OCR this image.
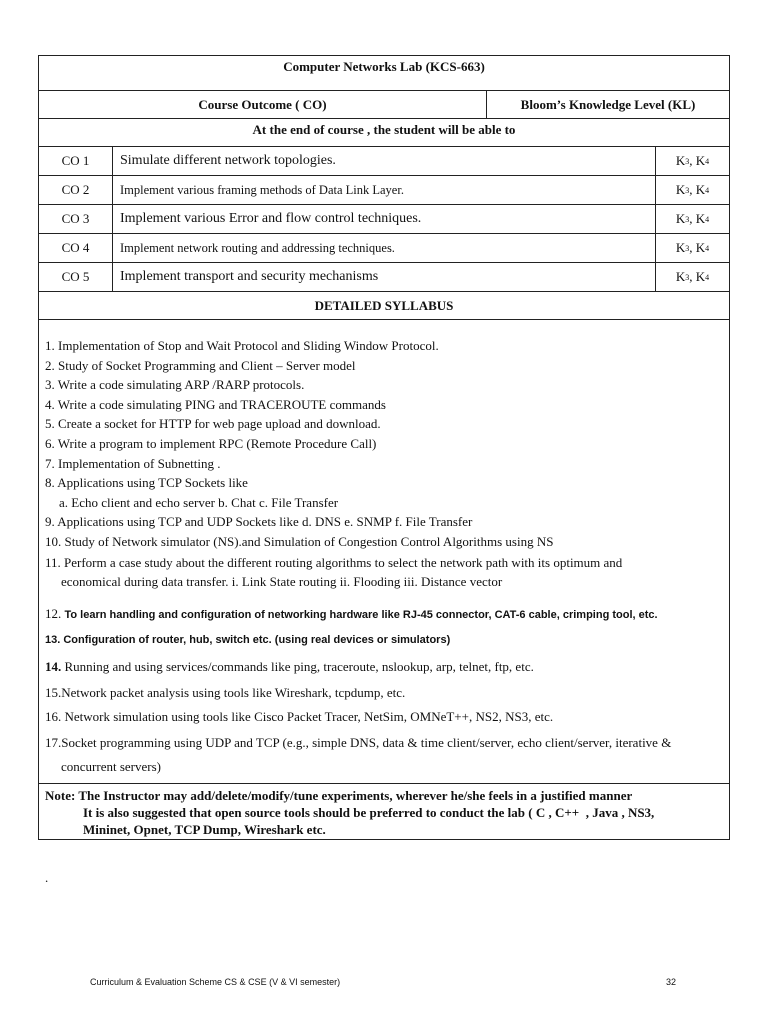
Computer Networks Lab (KCS-663)
Course Outcome ( CO)	Bloom’s Knowledge Level (KL)
At the end of course , the student will be able to
CO 1	Simulate different network topologies.	K 3 , K 4
CO 2	Implement various framing methods of Data Link Layer.	K 3 , K 4
CO 3	Implement various Error and flow control techniques.	K 3 , K 4
CO 4	Implement network routing and addressing techniques.	K 3 , K 4
CO 5	Implement transport and security mechanisms	K 3 , K 4
DETAILED SYLLABUS
1. Implementation of Stop and Wait Protocol and Sliding Window Protocol.
2. Study of Socket Programming and Client – Server model
3. Write a code simulating ARP /RARP protocols.
4. Write a code simulating PING and TRACEROUTE commands
5. Create a socket for HTTP for web page upload and download.
6. Write a program to implement RPC (Remote Procedure Call)
7. Implementation of Subnetting .
8. Applications using TCP Sockets like
a. Echo client and echo server b. Chat c. File Transfer
9. Applications using TCP and UDP Sockets like d. DNS e. SNMP f. File Transfer
10. Study of Network simulator (NS).and Simulation of Congestion Control Algorithms using NS
11. Perform a case study about the different routing algorithms to select the network path with its optimum and
economical during data transfer. i. Link State routing ii. Flooding iii. Distance vector
12. To learn handling and configuration of networking hardware like RJ-45 connector, CAT-6 cable, crimping tool, etc.
13. Configuration of router, hub, switch etc. (using real devices or simulators)
14. Running and using services/commands like ping, traceroute, nslookup, arp, telnet, ftp, etc.
15.Network packet analysis using tools like Wireshark, tcpdump, etc.
16. Network simulation using tools like Cisco Packet Tracer, NetSim, OMNeT++, NS2, NS3, etc.
17.Socket programming using UDP and TCP (e.g., simple DNS, data & time client/server, echo client/server, iterative &
concurrent servers)
Note: The Instructor may add/delete/modify/tune experiments, wherever he/she feels in a justified manner
It is also suggested that open source tools should be preferred to conduct the lab ( C , C++  , Java , NS3,
Mininet, Opnet, TCP Dump, Wireshark etc.
.
Curriculum & Evaluation Scheme CS & CSE (V & VI semester)	32
